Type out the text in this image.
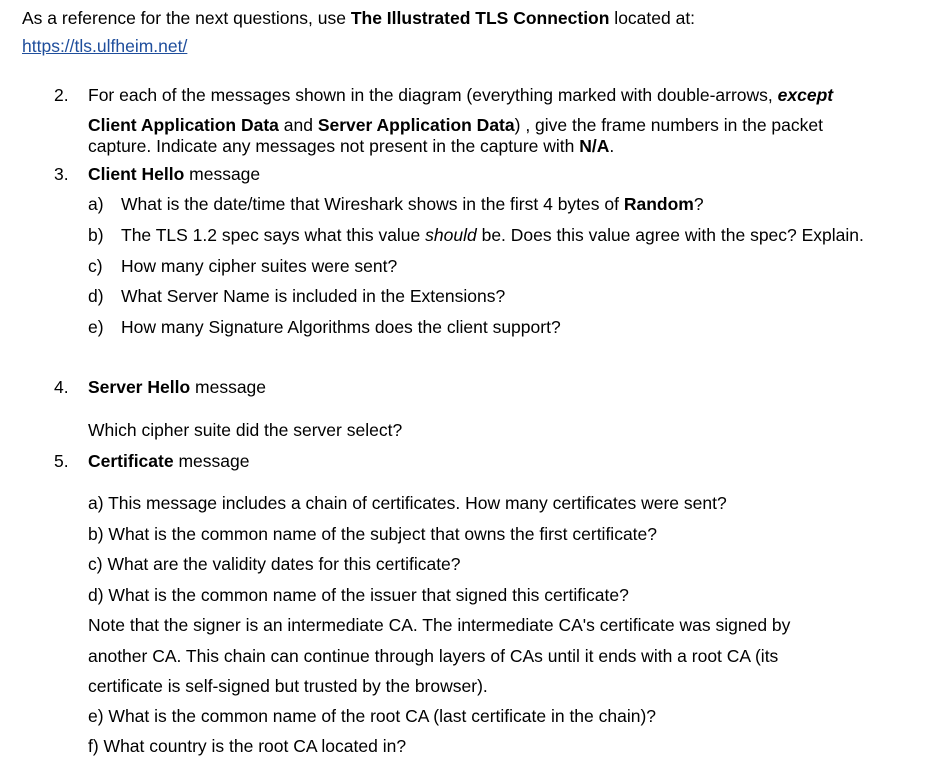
As a reference for the next questions, use The Illustrated TLS Connection located at:
https://tls.ulfheim.net/
2. For each of the messages shown in the diagram (everything marked with double-arrows, except
Client Application Data and Server Application Data) , give the frame numbers in the packet
capture. Indicate any messages not present in the capture with N/A.
3. Client Hello message
a) What is the date/time that Wireshark shows in the first 4 bytes of Random?
b) The TLS 1.2 spec says what this value should be. Does this value agree with the spec? Explain.
c) How many cipher suites were sent?
d) What Server Name is included in the Extensions?
e) How many Signature Algorithms does the client support?
4. Server Hello message
Which cipher suite did the server select?
5. Certificate message
a) This message includes a chain of certificates. How many certificates were sent?
b) What is the common name of the subject that owns the first certificate?
c) What are the validity dates for this certificate?
d) What is the common name of the issuer that signed this certificate?
Note that the signer is an intermediate CA. The intermediate CA's certificate was signed by
another CA. This chain can continue through layers of CAs until it ends with a root CA (its
certificate is self-signed but trusted by the browser).
e) What is the common name of the root CA (last certificate in the chain)?
f) What country is the root CA located in?
